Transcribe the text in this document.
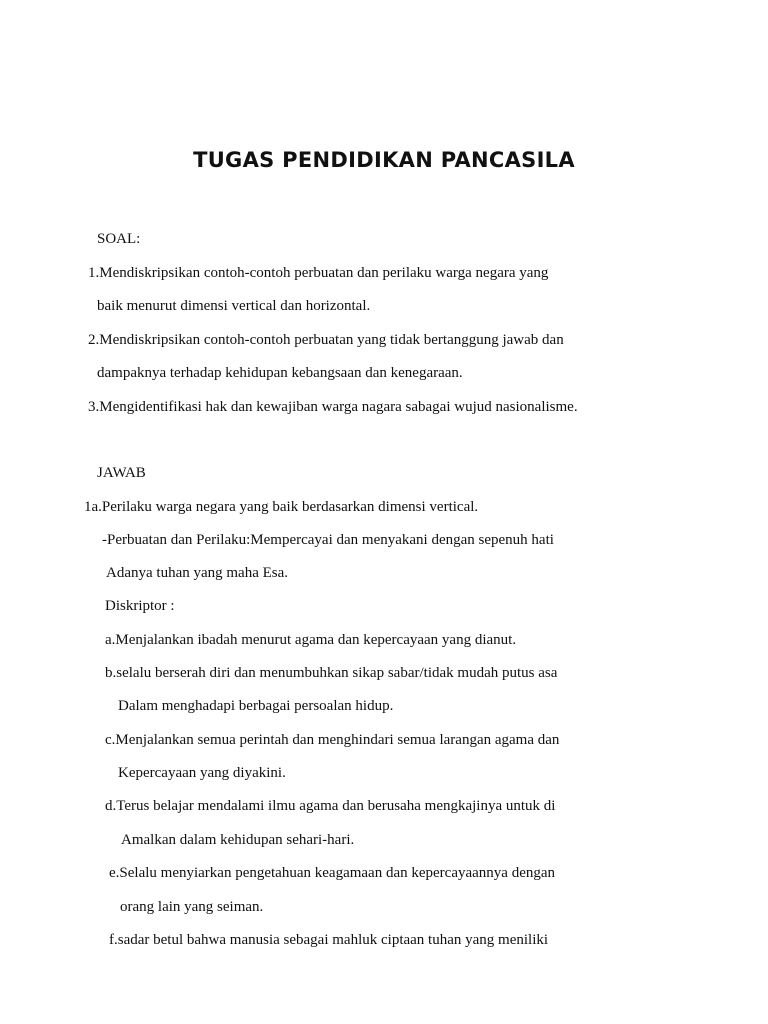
TUGAS PENDIDIKAN PANCASILA

SOAL:

1.Mendiskripsikan contoh-contoh perbuatan dan perilaku warga negara yang

baik menurut dimensi vertical dan horizontal.

2.Mendiskripsikan contoh-contoh perbuatan yang tidak bertanggung jawab dan

dampaknya terhadap kehidupan kebangsaan dan kenegaraan.

3.Mengidentifikasi hak dan kewajiban warga nagara sabagai wujud nasionalisme.

JAWAB

1a.Perilaku warga negara yang baik berdasarkan dimensi vertical.

-Perbuatan dan Perilaku:Mempercayai dan menyakani dengan sepenuh hati

Adanya tuhan yang maha Esa.

Diskriptor :

a.Menjalankan ibadah menurut agama dan kepercayaan yang dianut.

b.selalu berserah diri dan menumbuhkan sikap sabar/tidak mudah putus asa

Dalam menghadapi berbagai persoalan hidup.

c.Menjalankan semua perintah dan menghindari semua larangan agama dan

Kepercayaan yang diyakini.

d.Terus belajar mendalami ilmu agama dan berusaha mengkajinya untuk di

Amalkan dalam kehidupan sehari-hari.

e.Selalu menyiarkan pengetahuan keagamaan dan kepercayaannya dengan

orang lain yang seiman.

f.sadar betul bahwa manusia sebagai mahluk ciptaan tuhan yang meniliki
